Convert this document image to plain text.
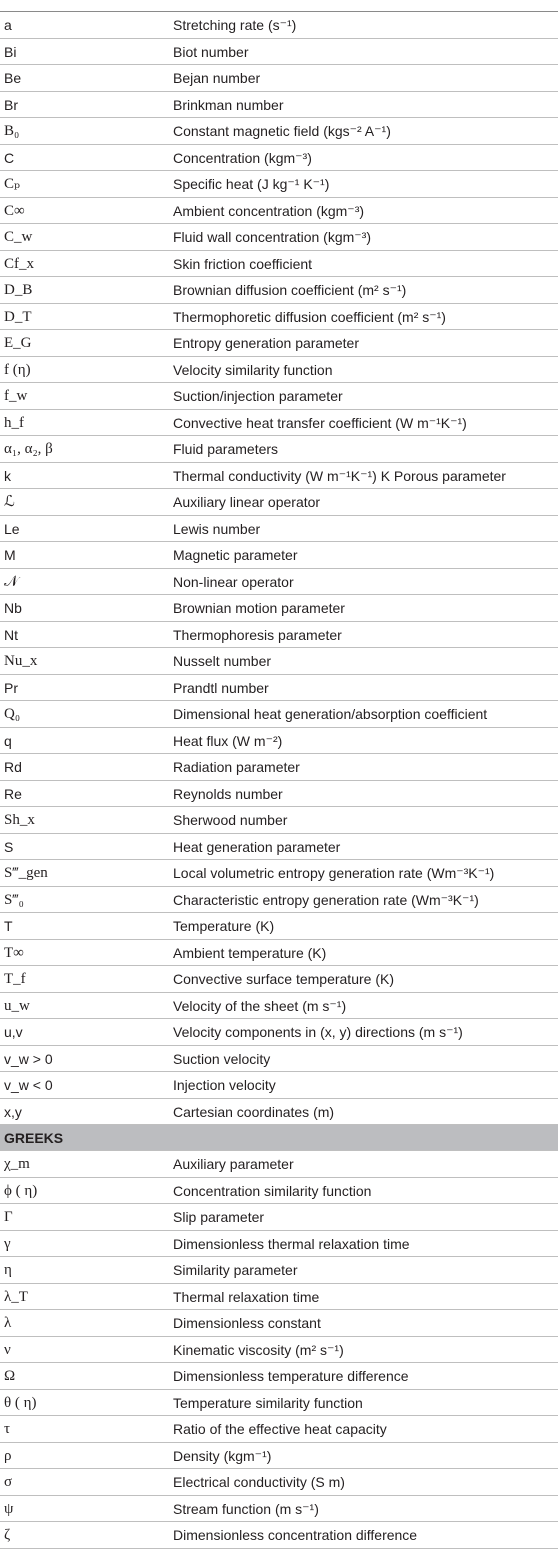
a	Stretching rate (s⁻¹)
Bi	Biot number
Be	Bejan number
Br	Brinkman number
B₀	Constant magnetic field (kgs⁻² A⁻¹)
C	Concentration (kgm⁻³)
Cₚ	Specific heat (J kg⁻¹ K⁻¹)
C∞	Ambient concentration (kgm⁻³)
C_w	Fluid wall concentration (kgm⁻³)
Cf_x	Skin friction coefficient
D_B	Brownian diffusion coefficient (m² s⁻¹)
D_T	Thermophoretic diffusion coefficient (m² s⁻¹)
E_G	Entropy generation parameter
f (η)	Velocity similarity function
f_w	Suction/injection parameter
h_f	Convective heat transfer coefficient (W m⁻¹K⁻¹)
α₁, α₂, β	Fluid parameters
k	Thermal conductivity (W m⁻¹K⁻¹) K Porous parameter
ℒ	Auxiliary linear operator
Le	Lewis number
M	Magnetic parameter
𝒩	Non-linear operator
Nb	Brownian motion parameter
Nt	Thermophoresis parameter
Nu_x	Nusselt number
Pr	Prandtl number
Q₀	Dimensional heat generation/absorption coefficient
q	Heat flux (W m⁻²)
Rd	Radiation parameter
Re	Reynolds number
Sh_x	Sherwood number
S	Heat generation parameter
S‴_gen	Local volumetric entropy generation rate (Wm⁻³K⁻¹)
S‴₀	Characteristic entropy generation rate (Wm⁻³K⁻¹)
T	Temperature (K)
T∞	Ambient temperature (K)
T_f	Convective surface temperature (K)
u_w	Velocity of the sheet (m s⁻¹)
u,v	Velocity components in (x, y) directions (m s⁻¹)
v_w > 0	Suction velocity
v_w < 0	Injection velocity
x,y	Cartesian coordinates (m)
GREEKS
χ_m	Auxiliary parameter
ϕ ( η)	Concentration similarity function
Γ	Slip parameter
γ	Dimensionless thermal relaxation time
η	Similarity parameter
λ_T	Thermal relaxation time
λ	Dimensionless constant
ν	Kinematic viscosity (m² s⁻¹)
Ω	Dimensionless temperature difference
θ ( η)	Temperature similarity function
τ	Ratio of the effective heat capacity
ρ	Density (kgm⁻¹)
σ	Electrical conductivity (S m)
ψ	Stream function (m s⁻¹)
ζ	Dimensionless concentration difference
